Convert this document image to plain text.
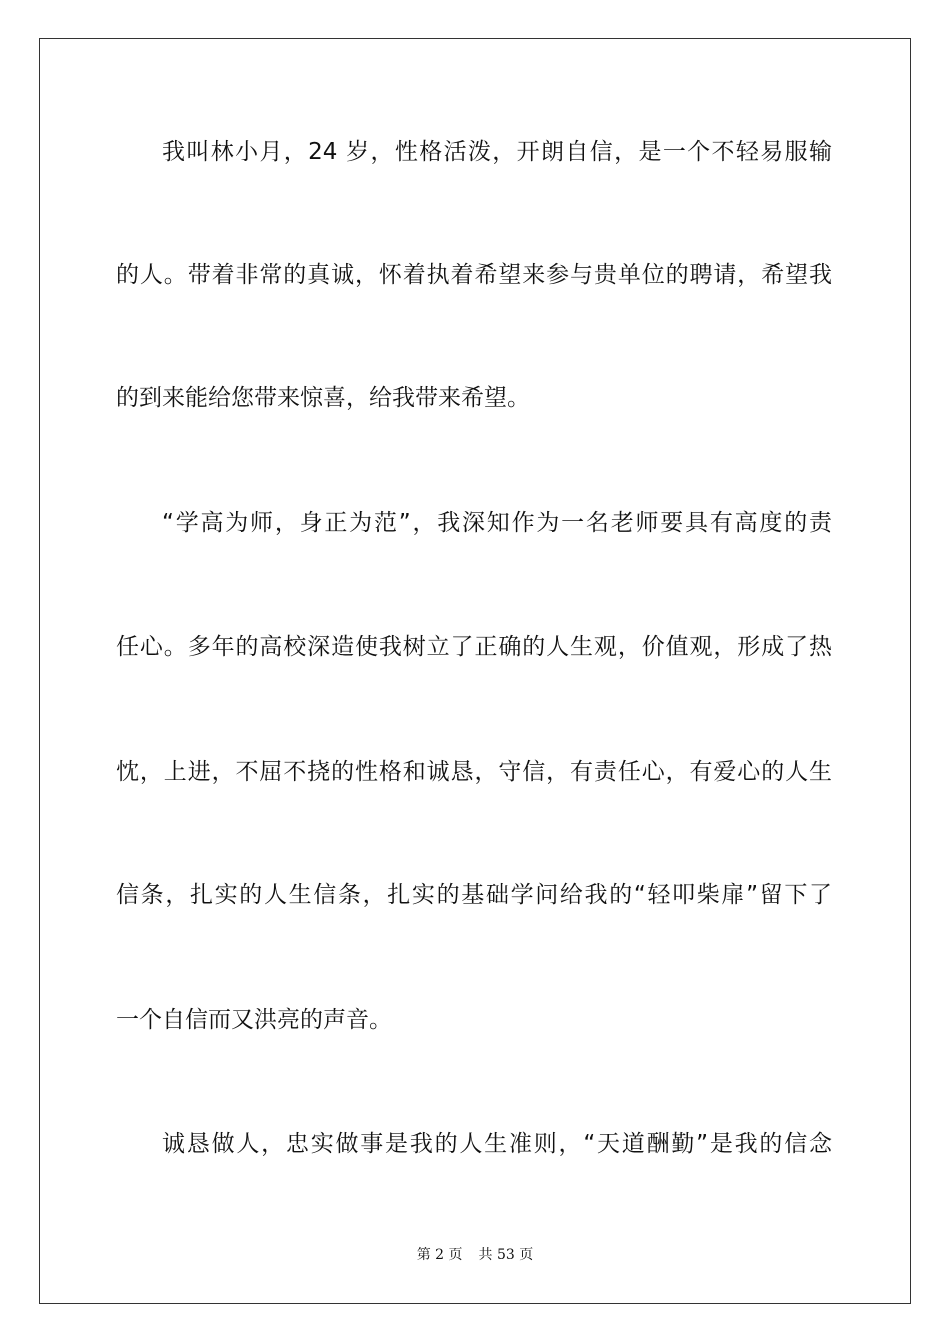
我叫林小月，24 岁，性格活泼，开朗自信，是一个不轻易服输
的人。带着非常的真诚，怀着执着希望来参与贵单位的聘请，希望我
的到来能给您带来惊喜，给我带来希望。
“学高为师，身正为范”，我深知作为一名老师要具有高度的责
任心。多年的高校深造使我树立了正确的人生观，价值观，形成了热
忱，上进，不屈不挠的性格和诚恳，守信，有责任心，有爱心的人生
信条，扎实的人生信条，扎实的基础学问给我的“轻叩柴扉”留下了
一个自信而又洪亮的声音。
诚恳做人，忠实做事是我的人生准则，“天道酬勤”是我的信念
第 2 页 共 53 页
